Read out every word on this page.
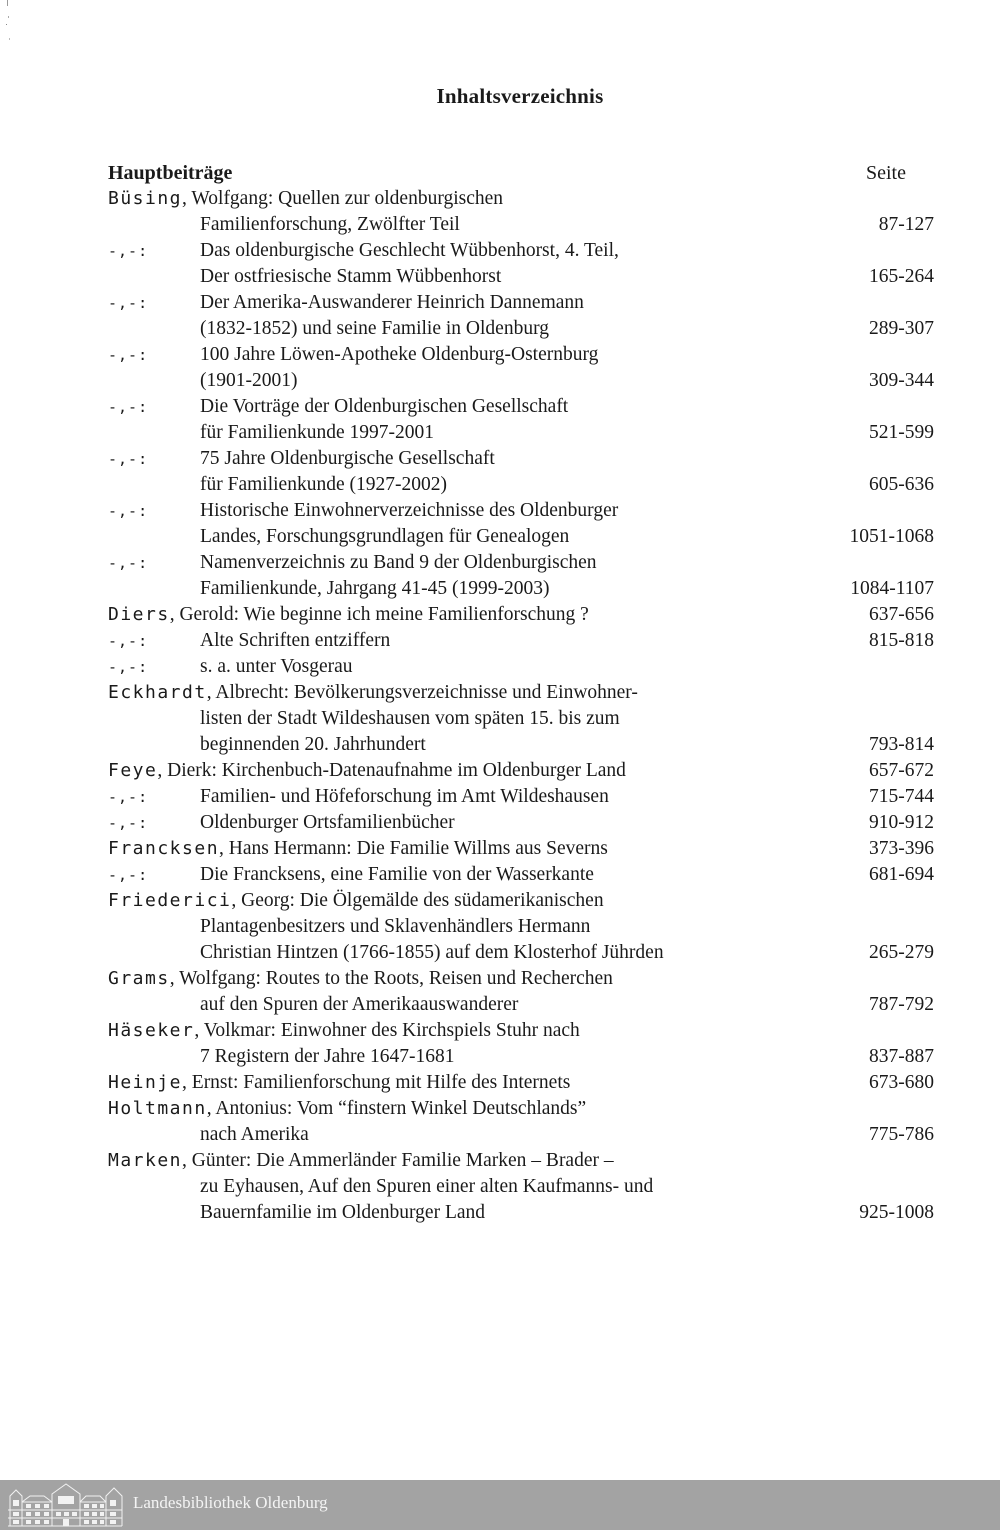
Inhaltsverzeichnis
Hauptbeiträge	Seite
Büsing, Wolfgang: Quellen zur oldenburgischen
Familienforschung, Zwölfter Teil	87-127
-,-:	Das oldenburgische Geschlecht Wübbenhorst, 4. Teil,
Der ostfriesische Stamm Wübbenhorst	165-264
-,-:	Der Amerika-Auswanderer Heinrich Dannemann
(1832-1852) und seine Familie in Oldenburg	289-307
-,-:	100 Jahre Löwen-Apotheke Oldenburg-Osternburg
(1901-2001)	309-344
-,-:	Die Vorträge der Oldenburgischen Gesellschaft
für Familienkunde 1997-2001	521-599
-,-:	75 Jahre Oldenburgische Gesellschaft
für Familienkunde (1927-2002)	605-636
-,-:	Historische Einwohnerverzeichnisse des Oldenburger
Landes, Forschungsgrundlagen für Genealogen	1051-1068
-,-:	Namenverzeichnis zu Band 9 der Oldenburgischen
Familienkunde, Jahrgang 41-45 (1999-2003)	1084-1107
Diers, Gerold: Wie beginne ich meine Familienforschung ?	637-656
-,-:	Alte Schriften entziffern	815-818
-,-:	s. a. unter Vosgerau
Eckhardt, Albrecht: Bevölkerungsverzeichnisse und Einwohner-
listen der Stadt Wildeshausen vom späten 15. bis zum
beginnenden 20. Jahrhundert	793-814
Feye, Dierk: Kirchenbuch-Datenaufnahme im Oldenburger Land	657-672
-,-:	Familien- und Höfeforschung im Amt Wildeshausen	715-744
-,-:	Oldenburger Ortsfamilienbücher	910-912
Francksen, Hans Hermann: Die Familie Willms aus Severns	373-396
-,-:	Die Francksens, eine Familie von der Wasserkante	681-694
Friederici, Georg: Die Ölgemälde des südamerikanischen
Plantagenbesitzers und Sklavenhändlers Hermann
Christian Hintzen (1766-1855) auf dem Klosterhof Jührden	265-279
Grams, Wolfgang: Routes to the Roots, Reisen und Recherchen
auf den Spuren der Amerikaauswanderer	787-792
Häseker, Volkmar: Einwohner des Kirchspiels Stuhr nach
7 Registern der Jahre 1647-1681	837-887
Heinje, Ernst: Familienforschung mit Hilfe des Internets	673-680
Holtmann, Antonius: Vom “finstern Winkel Deutschlands”
nach Amerika	775-786
Marken, Günter: Die Ammerländer Familie Marken – Brader –
zu Eyhausen, Auf den Spuren einer alten Kaufmanns- und
Bauernfamilie im Oldenburger Land	925-1008
Landesbibliothek Oldenburg
